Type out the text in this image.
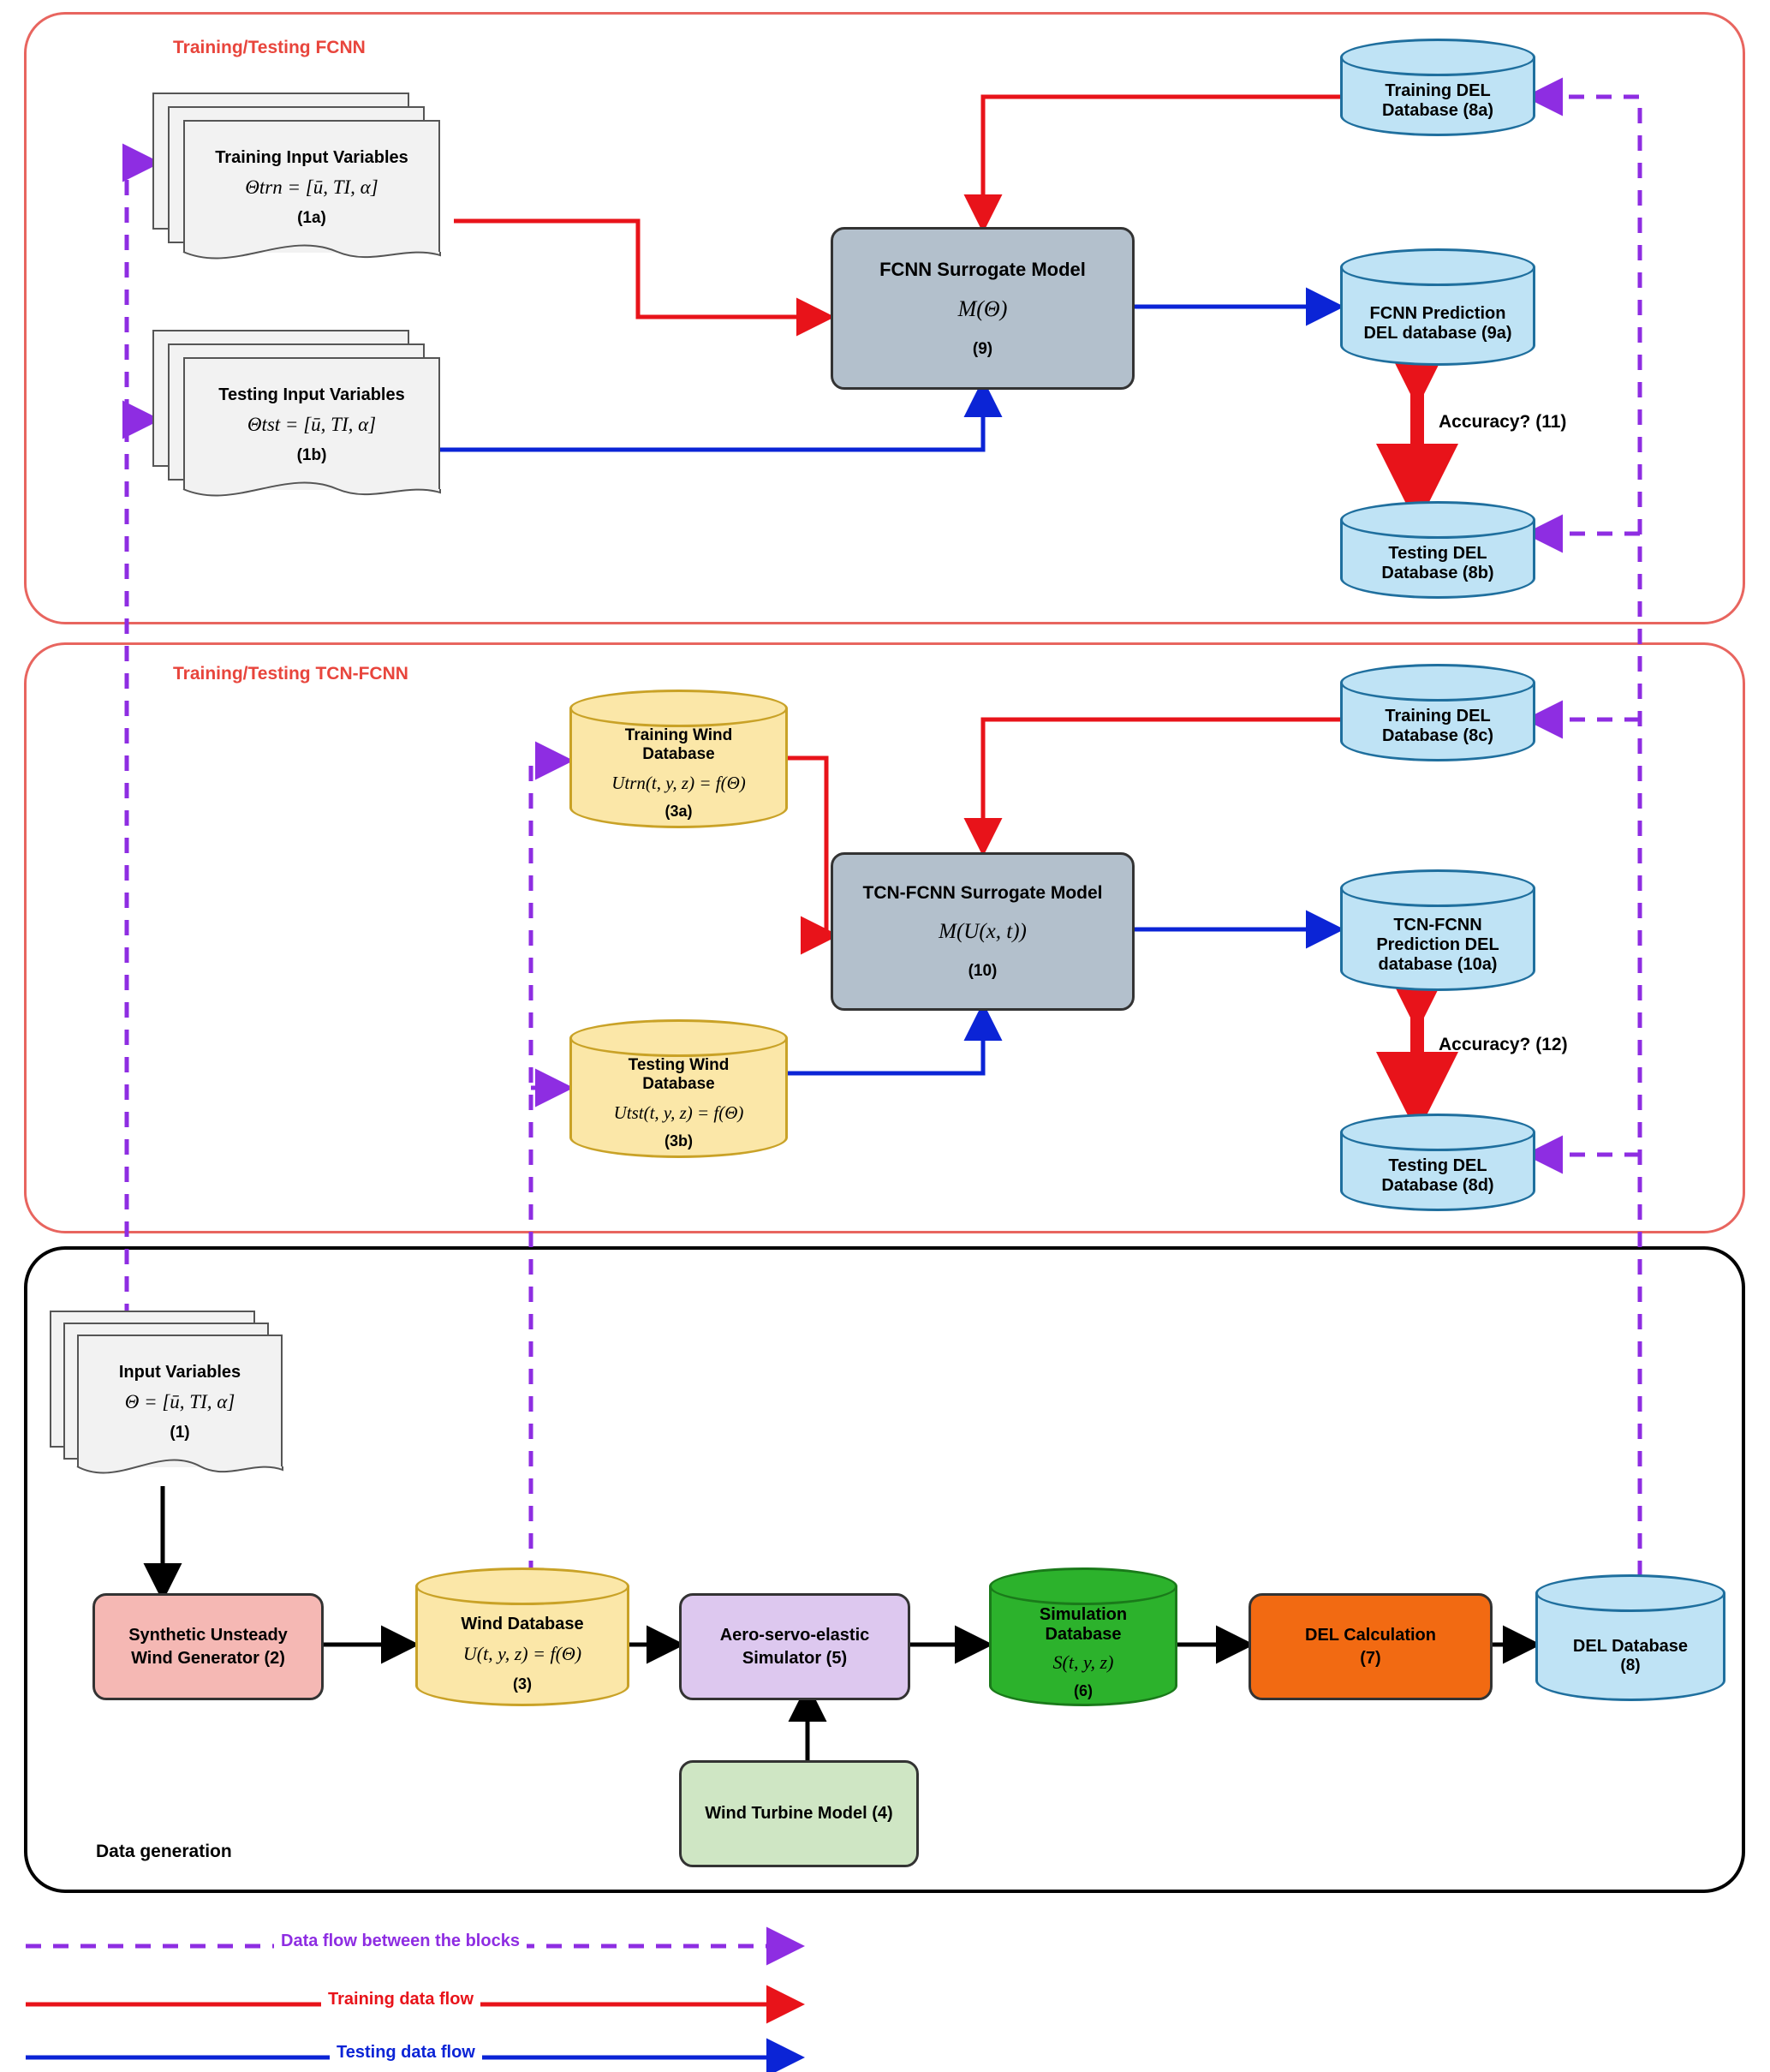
Training/Testing FCNN
Training/Testing TCN-FCNN
Data generation
Training Input Variables
Θtrn = [ū, TI, α]
(1a)
Testing Input Variables
Θtst = [ū, TI, α]
(1b)
FCNN Surrogate Model
M(Θ)
(9)
Training DEL
Database (8a)
FCNN Prediction
DEL database (9a)
Testing DEL
Database (8b)
Accuracy? (11)
Training Wind
Database
Utrn(t, y, z) = f(Θ)
(3a)
Testing Wind
Database
Utst(t, y, z) = f(Θ)
(3b)
TCN-FCNN Surrogate Model
M(U(x, t))
(10)
Training DEL
Database (8c)
TCN-FCNN
Prediction DEL
database (10a)
Testing DEL
Database (8d)
Accuracy? (12)
Input Variables
Θ = [ū, TI, α]
(1)
Synthetic Unsteady
Wind Generator (2)
Wind Database
U(t, y, z) = f(Θ)
(3)
Aero-servo-elastic
Simulator (5)
Simulation
Database
S(t, y, z)
(6)
DEL Calculation
(7)
DEL Database
(8)
Wind Turbine Model (4)
Data flow between the blocks
Training data flow
Testing data flow
